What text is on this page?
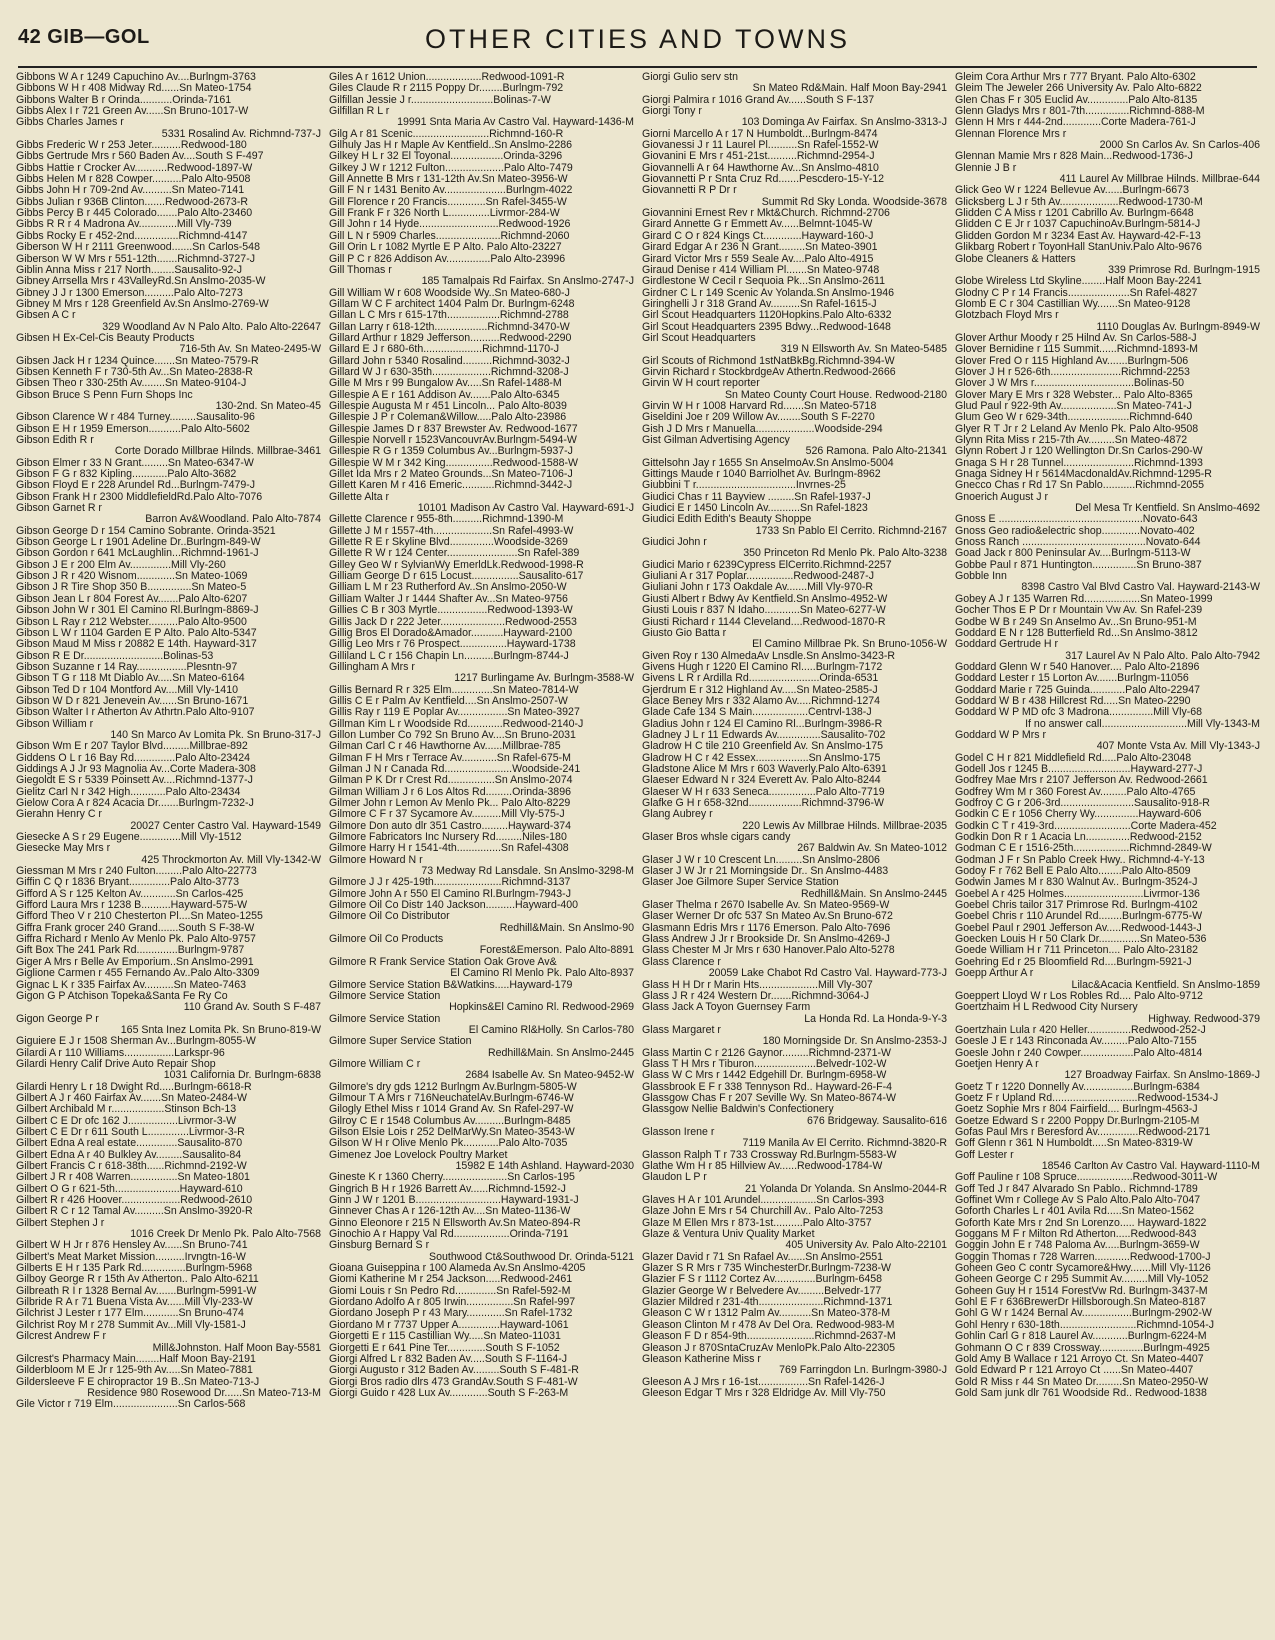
42 GIB—GOL	OTHER CITIES AND TOWNS
Gibbons W A r 1249 Capuchino Av....Burlngm-3763
Gibbons W H r 408 Midway Rd......Sn Mateo-1754
Gibbons Walter B r Orinda...........Orinda-7161
Gibbs Alex I r 721 Green Av......Sn Bruno-1017-W
Gibbs Charles James r
5331 Rosalind Av. Richmnd-737-J
Gibbs Frederic W r 253 Jeter..........Redwood-180
Gibbs Gertrude Mrs r 560 Baden Av....South S F-497
Gibbs Hattie r Crocker Av...........Redwood-1897-W
Gibbs Helen M r 828 Cowper..........Palo Alto-9508
Gibbs John H r 709-2nd Av..........Sn Mateo-7141
Gibbs Julian r 936B Clinton.......Redwood-2673-R
Gibbs Percy B r 445 Colorado.......Palo Alto-23460
Gibbs R R r 4 Madrona Av.............Mill Vly-739
Gibbs Rocky E r 452-2nd...............Richmnd-4147
Giberson W H r 2111 Greenwood.......Sn Carlos-548
Giberson W W Mrs r 551-12th.......Richmnd-3727-J
Giblin Anna Miss r 217 North........Sausalito-92-J
Gibney Arrsella Mrs r 43ValleyRd.Sn Anslmo-2035-W
Gibney J J r 1300 Emerson..........Palo Alto-7273
Gibney M Mrs r 128 Greenfield Av.Sn Anslmo-2769-W
Gibsen A C r
329 Woodland Av N Palo Alto. Palo Alto-22647
Gibsen H Ex-Cel-Cis Beauty Products
716-5th Av. Sn Mateo-2495-W
Gibsen Jack H r 1234 Quince.......Sn Mateo-7579-R
Gibsen Kenneth F r 730-5th Av...Sn Mateo-2838-R
Gibsen Theo r 330-25th Av........Sn Mateo-9104-J
Gibson Bruce S Penn Furn Shops Inc
130-2nd. Sn Mateo-45
Gibson Clarence W r 484 Turney.........Sausalito-96
Gibson E H r 1959 Emerson...........Palo Alto-5602
Gibson Edith R r
Corte Dorado Millbrae Hilnds. Millbrae-3461
Gibson Elmer r 33 N Grant.........Sn Mateo-6347-W
Gibson F G r 832 Kipling............Palo Alto-3682
Gibson Floyd E r 228 Arundel Rd...Burlngm-7479-J
Gibson Frank H r 2300 MiddlefieldRd.Palo Alto-7076
Gibson Garnet R r
Barron Av&Woodland. Palo Alto-7874
Gibson George D r 154 Camino Sobrante. Orinda-3521
Gibson George L r 1901 Adeline Dr..Burlngm-849-W
Gibson Gordon r 641 McLaughlin...Richmnd-1961-J
Gibson J E r 200 Elm Av..............Mill Vly-260
Gibson J R r 420 Wisnom.............Sn Mateo-1069
Gibson J R Tire Shop 350 B...............Sn Mateo-5
Gibson Jean L r 804 Forest Av.......Palo Alto-6207
Gibson John W r 301 El Camino Rl.Burlngm-8869-J
Gibson L Ray r 212 Webster..........Palo Alto-9500
Gibson L W r 1104 Garden E P Alto. Palo Alto-5347
Gibson Maud M Miss r 20882 E 14th. Hayward-317
Gibson R E Dr...........................Bolinas-53
Gibson Suzanne r 14 Ray.................Plesntn-97
Gibson T G r 118 Mt Diablo Av.....Sn Mateo-6164
Gibson Ted D r 104 Montford Av....Mill Vly-1410
Gibson W D r 821 Jenevein Av......Sn Bruno-1671
Gibson Walter I r Atherton Av Athrtn.Palo Alto-9107
Gibson William r
140 Sn Marco Av Lomita Pk. Sn Bruno-317-J
Gibson Wm E r 207 Taylor Blvd.........Millbrae-892
Giddens O L r 16 Bay Rd..............Palo Alto-23424
Giddings A J Jr 93 Magnolia Av...Corte Madera-308
Giegoldt E S r 5339 Poinsett Av....Richmnd-1377-J
Gielitz Carl N r 342 High............Palo Alto-23434
Gielow Cora A r 824 Acacia Dr.......Burlngm-7232-J
Gierahn Henry C r
20027 Center Castro Val. Hayward-1549
Giesecke A S r 29 Eugene..............Mill Vly-1512
Giesecke May Mrs r
425 Throckmorton Av. Mill Vly-1342-W
Giessman M Mrs r 240 Fulton.........Palo Alto-22773
Giffin C Q r 1836 Bryant..............Palo Alto-3773
Gifford A S r 125 Kelton Av............Sn Carlos-425
Gifford Laura Mrs r 1238 B..........Hayward-575-W
Gifford Theo V r 210 Chesterton Pl....Sn Mateo-1255
Giffra Frank grocer 240 Grand.......South S F-38-W
Giffra Richard r Menlo Av Menlo Pk. Palo Alto-9757
Gift Box The 241 Park Rd..............Burlngm-9787
Giger A Mrs r Belle Av Emporium..Sn Anslmo-2991
Giglione Carmen r 455 Fernando Av..Palo Alto-3309
Gignac L K r 335 Fairfax Av..........Sn Mateo-7463
Gigon G P Atchison Topeka&Santa Fe Ry Co
110 Grand Av. South S F-487
Gigon George P r
165 Snta Inez Lomita Pk. Sn Bruno-819-W
Giguiere E J r 1508 Sherman Av...Burlngm-8055-W
Gilardi A r 110 Williams.................Larkspr-96
Gilardi Henry Calif Drive Auto Repair Shop
1031 California Dr. Burlngm-6838
Gilardi Henry L r 18 Dwight Rd.....Burlngm-6618-R
Gilbert A J r 460 Fairfax Av.......Sn Mateo-2484-W
Gilbert Archibald M r..................Stinson Bch-13
Gilbert C E Dr ofc 162 J.................Livrmor-3-W
Gilbert C E Dr r 611 South L..............Livrmor-3-R
Gilbert Edna A real estate..............Sausalito-870
Gilbert Edna A r 40 Bulkley Av.........Sausalito-84
Gilbert Francis C r 618-38th......Richmnd-2192-W
Gilbert J R r 408 Warren................Sn Mateo-1801
Gilbert O G r 621-5th......................Hayward-610
Gilbert R r 426 Hoover....................Redwood-2610
Gilbert R C r 12 Tamal Av..........Sn Anslmo-3920-R
Gilbert Stephen J r
1016 Creek Dr Menlo Pk. Palo Alto-7568
Gilbert W H Jr r 876 Hensley Av......Sn Bruno-741
Gilbert's Meat Market Mission..........Irvngtn-16-W
Gilberts E H r 135 Park Rd...............Burlngm-5968
Gilboy George R r 15th Av Atherton.. Palo Alto-6211
Gilbreath R I r 1328 Bernal Av.......Burlngm-5991-W
Gilbride R A r 71 Buena Vista Av......Mill Vly-233-W
Gilchrist J Lester r 177 Elm............Sn Bruno-474
Gilchrist Roy M r 278 Summit Av...Mill Vly-1581-J
Gilcrest Andrew F r
Mill&Johnston. Half Moon Bay-5581
Gilcrest's Pharmacy Main........Half Moon Bay-2191
Gilderbloom M E Jr r 125-9th Av.....Sn Mateo-7881
Gildersleeve F E chiropractor 19 B..Sn Mateo-713-J
Residence 980 Rosewood Dr......Sn Mateo-713-M
Gile Victor r 719 Elm......................Sn Carlos-568
Giles A r 1612 Union...................Redwood-1091-R
Giles Claude R r 2115 Poppy Dr........Burlngm-792
Gilfillan Jessie J r............................Bolinas-7-W
Gilfillan R L r
19991 Snta Maria Av Castro Val. Hayward-1436-M
Gilg A r 81 Scenic..........................Richmnd-160-R
Gilhuly Jas H r Maple Av Kentfield..Sn Anslmo-2286
Gilkey H L r 32 El Toyonal..................Orinda-3296
Gilkey J W r 1212 Fulton....................Palo Alto-7479
Gill Annette B Mrs r 131-12th Av.Sn Mateo-3956-W
Gill F N r 1431 Benito Av.....................Burlngm-4022
Gill Florence r 20 Francis.............Sn Rafel-3455-W
Gill Frank F r 326 North L..............Livrmor-284-W
Gill John r 14 Hyde...........................Redwood-1926
Gill L N r 5909 Charles......................Richmnd-2060
Gill Orin L r 1082 Myrtle E P Alto. Palo Alto-23227
Gill P C r 826 Addison Av...............Palo Alto-23996
Gill Thomas r
185 Tamalpais Rd Fairfax. Sn Anslmo-2747-J
Gill William W r 608 Woodside Wy..Sn Mateo-680-J
Gillam W C F architect 1404 Palm Dr. Burlngm-6248
Gillan L C Mrs r 615-17th..................Richmnd-2788
Gillan Larry r 618-12th..................Richmnd-3470-W
Gillard Arthur r 1829 Jefferson..........Redwood-2290
Gillard E J r 680-6th....................Richmnd-1170-J
Gillard John r 5340 Rosalind..........Richmnd-3032-J
Gillard W J r 630-35th....................Richmnd-3208-J
Gille M Mrs r 99 Bungalow Av.....Sn Rafel-1488-M
Gillespie A E r 161 Addison Av.......Palo Alto-6345
Gillespie Augusta M r 451 Lincoln... Palo Alto-8039
Gillespie J P r Coleman&Willow.....Palo Alto-23986
Gillespie James D r 837 Brewster Av. Redwood-1677
Gillespie Norvell r 1523VancouvrAv.Burlngm-5494-W
Gillespie R G r 1359 Columbus Av...Burlngm-5937-J
Gillespie W M r 342 King................Redwood-1588-W
Gillet Ida Mrs r 2 Mateo Grounds...Sn Mateo-7106-J
Gillett Karen M r 416 Emeric...........Richmnd-3442-J
Gillette Alta r
10101 Madison Av Castro Val. Hayward-691-J
Gillette Clarence r 955-8th..........Richmnd-1390-M
Gillette J M r 1557-4th....................Sn Rafel-4993-W
Gillette R E r Skyline Blvd...............Woodside-3269
Gillette R W r 124 Center........................Sn Rafel-389
Gilley Geo W r SylvianWy EmerldLk.Redwood-1998-R
Gilliam George D r 615 Locust................Sausalito-617
Gilliam L M r 23 Rutherford Av..Sn Anslmo-2050-W
Gilliam Walter J r 1444 Shafter Av...Sn Mateo-9756
Gillies C B r 303 Myrtle.................Redwood-1393-W
Gillis Jack D r 222 Jeter......................Redwood-2553
Gillig Bros El Dorado&Amador...........Hayward-2100
Gillig Leo Mrs r 76 Prospect................Hayward-1738
Gilliland L C r 156 Chapin Ln..........Burlngm-8744-J
Gillingham A Mrs r
1217 Burlingame Av. Burlngm-3588-W
Gillis Bernard R r 325 Elm..............Sn Mateo-7814-W
Gillis C E r Palm Av Kentfield....Sn Anslmo-2507-W
Gillis Ray r 119 E Poplar Av.................Sn Mateo-3927
Gillman Kim L r Woodside Rd............Redwood-2140-J
Gillon Lumber Co 792 Sn Bruno Av....Sn Bruno-2031
Gilman Carl C r 46 Hawthorne Av......Millbrae-785
Gilman F H Mrs r Terrace Av............Sn Rafel-675-M
Gilman J N r Canada Rd.......................Woodside-241
Gilman P K Dr r Crest Rd................Sn Anslmo-2074
Gilman William J r 6 Los Altos Rd.........Orinda-3896
Gilmer John r Lemon Av Menlo Pk... Palo Alto-8229
Gilmore C F r 37 Sycamore Av..........Mill Vly-575-J
Gilmore Don auto dlr 351 Castro.........Hayward-374
Gilmore Fabricators Inc Nursery Rd.........Niles-180
Gilmore Harry H r 1541-4th...............Sn Rafel-4308
Gilmore Howard N r
73 Medway Rd Lansdale. Sn Anslmo-3298-M
Gilmore J J r 425-19th.......................Richmnd-3137
Gilmore John A r 550 El Camino Rl.Burlngm-7943-J
Gilmore Oil Co Distr 140 Jackson..........Hayward-400
Gilmore Oil Co Distributor
Redhill&Main. Sn Anslmo-90
Gilmore Oil Co Products
Forest&Emerson. Palo Alto-8891
Gilmore R Frank Service Station Oak Grove Av&
El Camino Rl Menlo Pk. Palo Alto-8937
Gilmore Service Station B&Watkins.....Hayward-179
Gilmore Service Station
Hopkins&El Camino Rl. Redwood-2969
Gilmore Service Station
El Camino Rl&Holly. Sn Carlos-780
Gilmore Super Service Station
Redhill&Main. Sn Anslmo-2445
Gilmore William C r
2684 Isabelle Av. Sn Mateo-9452-W
Gilmore's dry gds 1212 Burlngm Av.Burlngm-5805-W
Gilmour T A Mrs r 716NeuchatelAv.Burlngm-6746-W
Gilogly Ethel Miss r 1014 Grand Av. Sn Rafel-297-W
Gilroy C E r 1548 Columbus Av..........Burlngm-8485
Gilson Elsie Lois r 252 DelMarWy.Sn Mateo-3543-W
Gilson W H r Olive Menlo Pk............Palo Alto-7035
Gimenez Joe Lovelock Poultry Market
15982 E 14th Ashland. Hayward-2030
Gineste K r 1360 Cherry......................Sn Carlos-195
Gingrich B H r 1926 Barrett Av......Richmnd-1592-J
Ginn J W r 1201 B.............................Hayward-1931-J
Ginnever Chas A r 126-12th Av....Sn Mateo-1136-W
Ginno Eleonore r 215 N Ellsworth Av.Sn Mateo-894-R
Ginochio A r Happy Val Rd...................Orinda-7191
Ginsburg Bernard S r
Southwood Ct&Southwood Dr. Orinda-5121
Gioana Guiseppina r 100 Alameda Av.Sn Anslmo-4205
Giomi Katherine M r 254 Jackson.....Redwood-2461
Giomi Louis r Sn Pedro Rd..............Sn Rafel-592-M
Giordano Adolfo A r 805 Irwin................Sn Rafel-997
Giordano Joseph P r 43 Mary.............Sn Rafel-1732
Giordano M r 7737 Upper A..............Hayward-1061
Giorgetti E r 115 Castillian Wy.....Sn Mateo-11031
Giorgetti E r 641 Pine Ter.............South S F-1052
Giorgi Alfred L r 832 Baden Av.....South S F-1164-J
Giorgi Augusto r 312 Baden Av.........South S F-481-R
Giorgi Bros radio dlrs 473 GrandAv.South S F-481-W
Giorgi Guido r 428 Lux Av.............South S F-263-M
Giorgi Gulio serv stn
Sn Mateo Rd&Main. Half Moon Bay-2941
Giorgi Palmira r 1016 Grand Av......South S F-137
Giorgi Tony r
103 Dominga Av Fairfax. Sn Anslmo-3313-J
Giorni Marcello A r 17 N Humboldt...Burlngm-8474
Giovanessi J r 11 Laurel Pl..........Sn Rafel-1552-W
Giovanini E Mrs r 451-21st..........Richmnd-2954-J
Giovannelli A r 64 Hawthorne Av...Sn Anslmo-4810
Giovannetti P r Snta Cruz Rd.......Pescdero-15-Y-12
Giovannetti R P Dr r
Summit Rd Sky Londa. Woodside-3678
Giovannini Ernest Rev r Mkt&Church. Richmnd-2706
Girard Annette G r Emmett Av......Belmnt-1045-W
Girard C O r 824 Kings Ct.............Hayward-160-J
Girard Edgar A r 236 N Grant.........Sn Mateo-3901
Girard Victor Mrs r 559 Seale Av....Palo Alto-4915
Giraud Denise r 414 William Pl.......Sn Mateo-9748
Girdlestone W Cecil r Sequoia Pk...Sn Anslmo-2611
Girdner C L r 149 Scenic Av Yolanda.Sn Anslmo-1946
Giringhelli J r 318 Grand Av..........Sn Rafel-1615-J
Girl Scout Headquarters 1120Hopkins.Palo Alto-6332
Girl Scout Headquarters 2395 Bdwy...Redwood-1648
Girl Scout Headquarters
319 N Ellsworth Av. Sn Mateo-5485
Girl Scouts of Richmond 1stNatBkBg.Richmnd-394-W
Girvin Richard r StockbrdgeAv Athertn.Redwood-2666
Girvin W H court reporter
Sn Mateo County Court House. Redwood-2180
Girvin W H r 1008 Harvard Rd.......Sn Mateo-5718
Giseldini Joe r 209 Willow Av........South S F-2270
Gish J D Mrs r Manuella....................Woodside-294
Gist Gilman Advertising Agency
526 Ramona. Palo Alto-21341
Gittelsohn Jay r 1655 Sn AnselmoAv.Sn Anslmo-5004
Gittings Maude r 1040 Barriolhet Av. Burlngm-8962
Giubbini T r..................................Invrnes-25
Giudici Chas r 11 Bayview .........Sn Rafel-1937-J
Giudici E r 1450 Lincoln Av...........Sn Rafel-1823
Giudici Edith Edith's Beauty Shoppe
1733 Sn Pablo El Cerrito. Richmnd-2167
Giudici John r
350 Princeton Rd Menlo Pk. Palo Alto-3238
Giudici Mario r 6239Cypress ElCerrito.Richmnd-2257
Giuliani A r 317 Poplar................Redwood-2487-J
Giuliani John r 173 Oakdale Av.......Mill Vly-970-R
Giusti Albert r Bdwy Av Kentfield.Sn Anslmo-4952-W
Giusti Louis r 837 N Idaho............Sn Mateo-6277-W
Giusti Richard r 1144 Cleveland....Redwood-1870-R
Giusto Gio Batta r
El Camino Millbrae Pk. Sn Bruno-1056-W
Given Roy r 130 AlmedaAv Lnsdle.Sn Anslmo-3423-R
Givens Hugh r 1220 El Camino Rl.....Burlngm-7172
Givens L R r Ardilla Rd........................Orinda-6531
Gjerdrum E r 312 Highland Av.....Sn Mateo-2585-J
Glace Beney Mrs r 332 Alamo Av.....Richmnd-1274
Glade Cafe 134 S Main...................Centrvl-138-J
Gladius John r 124 El Camino Rl...Burlngm-3986-R
Gladney J L r 11 Edwards Av...............Sausalito-702
Gladrow H C tile 210 Greenfield Av. Sn Anslmo-175
Gladrow H C r 42 Essex..................Sn Anslmo-175
Gladstone Alice M Mrs r 603 Waverly.Palo Alto-6391
Glaeser Edward N r 324 Everett Av. Palo Alto-8244
Glaeser W H r 633 Seneca................Palo Alto-7719
Glafke G H r 658-32nd..................Richmnd-3796-W
Glang Aubrey r
220 Lewis Av Millbrae Hilnds. Millbrae-2035
Glaser Bros whsle cigars candy
267 Baldwin Av. Sn Mateo-1012
Glaser J W r 10 Crescent Ln.........Sn Anslmo-2806
Glaser J W Jr r 21 Morningside Dr.. Sn Anslmo-4483
Glaser Joe Gilmore Super Service Station
Redhill&Main. Sn Anslmo-2445
Glaser Thelma r 2670 Isabelle Av. Sn Mateo-9569-W
Glaser Werner Dr ofc 537 Sn Mateo Av.Sn Bruno-672
Glasmann Edris Mrs r 1176 Emerson. Palo Alto-7696
Glass Andrew J Jr r Brookside Dr. Sn Anslmo-4269-J
Glass Chester M Jr Mrs r 630 Hanover.Palo Alto-5278
Glass Clarence r
20059 Lake Chabot Rd Castro Val. Hayward-773-J
Glass H H Dr r Marin Hts....................Mill Vly-307
Glass J R r 424 Western Dr.......Richmnd-3064-J
Glass Jack A Toyon Guernsey Farm
La Honda Rd. La Honda-9-Y-3
Glass Margaret r
180 Morningside Dr. Sn Anslmo-2353-J
Glass Martin C r 2126 Gaynor.........Richmnd-2371-W
Glass T H Mrs r Tiburon.....................Belvedr-102-W
Glass W C Mrs r 1442 Edgehill Dr. Burlngm-6958-W
Glassbrook E F r 338 Tennyson Rd.. Hayward-26-F-4
Glassgow Chas F r 207 Seville Wy. Sn Mateo-8674-W
Glassgow Nellie Baldwin's Confectionery
676 Bridgeway. Sausalito-616
Glasson Irene r
7119 Manila Av El Cerrito. Richmnd-3820-R
Glasson Ralph T r 733 Crossway Rd.Burlngm-5583-W
Glathe Wm H r 85 Hillview Av......Redwood-1784-W
Glaudon L P r
21 Yolanda Dr Yolanda. Sn Anslmo-2044-R
Glaves H A r 101 Arundel...................Sn Carlos-393
Glaze John E Mrs r 54 Churchill Av.. Palo Alto-7253
Glaze M Ellen Mrs r 873-1st..........Palo Alto-3757
Glaze & Ventura Univ Quality Market
405 University Av. Palo Alto-22101
Glazer David r 71 Sn Rafael Av......Sn Anslmo-2551
Glazer S R Mrs r 735 WinchesterDr.Burlngm-7238-W
Glazier F S r 1112 Cortez Av..............Burlngm-6458
Glazier George W r Belvedere Av.........Belvedr-177
Glazier Mildred r 231-4th......................Richmnd-1371
Gleason C W r 1312 Palm Av...........Sn Mateo-378-M
Gleason Clinton M r 478 Av Del Ora. Redwood-983-M
Gleason F D r 854-9th.......................Richmnd-2637-M
Gleason J r 870SntaCruzAv MenloPk.Palo Alto-22305
Gleason Katherine Miss r
769 Farringdon Ln. Burlngm-3980-J
Gleeson A J Mrs r 16-1st.................Sn Rafel-1426-J
Gleeson Edgar T Mrs r 328 Eldridge Av. Mill Vly-750
Gleim Cora Arthur Mrs r 777 Bryant. Palo Alto-6302
Gleim The Jeweler 266 University Av. Palo Alto-6822
Glen Chas F r 305 Euclid Av..............Palo Alto-8135
Glenn Gladys Mrs r 801-7th...............Richmnd-888-M
Glenn H Mrs r 444-2nd.............Corte Madera-761-J
Glennan Florence Mrs r
2000 Sn Carlos Av. Sn Carlos-406
Glennan Mamie Mrs r 828 Main...Redwood-1736-J
Glennie J B r
411 Laurel Av Millbrae Hilnds. Millbrae-644
Glick Geo W r 1224 Bellevue Av......Burlngm-6673
Glicksberg L J r 5th Av....................Redwood-1730-M
Glidden C A Miss r 1201 Cabrillo Av. Burlngm-6648
Glidden C E Jr r 1037 CapuchinoAv.Burlngm-5814-J
Glidden Gordon M r 3234 East Av. Hayward-42-F-13
Glikbarg Robert r ToyonHall StanUniv.Palo Alto-9676
Globe Cleaners & Hatters
339 Primrose Rd. Burlngm-1915
Globe Wireless Ltd Skyline........Half Moon Bay-2241
Glodny C P r 14 Francis.....................Sn Rafel-4827
Glomb E C r 304 Castillian Wy.......Sn Mateo-9128
Glotzbach Floyd Mrs r
1110 Douglas Av. Burlngm-8949-W
Glover Arthur Moody r 25 Hilnd Av. Sn Carlos-588-J
Glover Bernidine r 115 Summit......Richmnd-1893-M
Glover Fred O r 115 Highland Av.......Burlngm-506
Glover J H r 526-6th........................Richmnd-2253
Glover J W Mrs r..................................Bolinas-50
Glover Mary E Mrs r 328 Webster... Palo Alto-8365
Glud Paul r 922-9th Av...................Sn Mateo-741-J
Glum Geo W r 629-34th.....................Richmnd-640
Glyer R T Jr r 2 Leland Av Menlo Pk. Palo Alto-9508
Glynn Rita Miss r 215-7th Av.........Sn Mateo-4872
Glynn Robert J r 120 Wellington Dr.Sn Carlos-290-W
Gnaga S H r 28 Tunnel........................Richmnd-1393
Gnaga Sidney H r 5614MacdonaldAv.Richmnd-1295-R
Gnecco Chas r Rd 17 Sn Pablo...........Richmnd-2055
Gnoerich August J r
Del Mesa Tr Kentfield. Sn Anslmo-4692
Gnoss E .................................................Novato-643
Gnoss Geo radio&electric shop.............Novato-402
Gnoss Ranch ..........................................Novato-644
Goad Jack r 800 Peninsular Av....Burlngm-5113-W
Gobbe Paul r 871 Huntington...............Sn Bruno-387
Gobble Inn
8398 Castro Val Blvd Castro Val. Hayward-2143-W
Gobey A J r 135 Warren Rd...................Sn Mateo-1999
Gocher Thos E P Dr r Mountain Vw Av. Sn Rafel-239
Godbe W B r 249 Sn Anselmo Av...Sn Bruno-951-M
Goddard E N r 128 Butterfield Rd...Sn Anslmo-3812
Goddard Gertrude H r
317 Laurel Av N Palo Alto. Palo Alto-7942
Goddard Glenn W r 540 Hanover.... Palo Alto-21896
Goddard Lester r 15 Lorton Av.......Burlngm-11056
Goddard Marie r 725 Guinda............Palo Alto-22947
Goddard W B r 438 Hillcrest Rd.....Sn Mateo-2290
Goddard W P MD ofc 3 Madrona...............Mill Vly-68
If no answer call.............................Mill Vly-1343-M
Goddard W P Mrs r
407 Monte Vsta Av. Mill Vly-1343-J
Godel C H r 821 Middlefield Rd.....Palo Alto-23048
Godell Jos r 1245 B............................Hayward-277-J
Godfrey Mae Mrs r 2107 Jefferson Av. Redwood-2661
Godfrey Wm M r 360 Forest Av.........Palo Alto-4765
Godfroy C G r 206-3rd.........................Sausalito-918-R
Godkin C E r 1056 Cherry Wy...............Hayward-606
Godkin C T r 419-3rd..........................Corte Madera-452
Godkin Don R r 1 Acacia Ln...............Redwood-2152
Godman C E r 1516-25th...................Richmnd-2849-W
Godman J F r Sn Pablo Creek Hwy.. Richmnd-4-Y-13
Godoy F r 762 Bell E Palo Alto........Palo Alto-8509
Godwin James M r 830 Walnut Av.. Burlngm-3524-J
Goebel A r 425 Holmes...........................Livrmor-136
Goebel Chris tailor 317 Primrose Rd. Burlngm-4102
Goebel Chris r 110 Arundel Rd........Burlngm-6775-W
Goebel Paul r 2901 Jefferson Av.....Redwood-1443-J
Goecken Louis H r 50 Clark Dr..............Sn Mateo-536
Goede William H r 711 Princeton.... Palo Alto-23182
Goehring Ed r 25 Bloomfield Rd....Burlngm-5921-J
Goepp Arthur A r
Lilac&Acacia Kentfield. Sn Anslmo-1859
Goeppert Lloyd W r Los Robles Rd.... Palo Alto-9712
Goertzhaim H L Redwood City Nursery
Highway. Redwood-379
Goertzhain Lula r 420 Heller...............Redwood-252-J
Goesle J E r 143 Rinconada Av.........Palo Alto-7155
Goesle John r 240 Cowper..................Palo Alto-4814
Goetjen Henry A r
127 Broadway Fairfax. Sn Anslmo-1869-J
Goetz T r 1220 Donnelly Av.................Burlngm-6384
Goetz F r Upland Rd.............................Redwood-1534-J
Goetz Sophie Mrs r 804 Fairfield.... Burlngm-4563-J
Goetze Edward S r 2200 Poppy Dr.Burlngm-2105-M
Gofas Paul Mrs r Beresford Av..............Redwood-2171
Goff Glenn r 361 N Humboldt.....Sn Mateo-8319-W
Goff Lester r
18546 Carlton Av Castro Val. Hayward-1110-M
Goff Pauline r 108 Spruce...................Redwood-3011-W
Goff Ted J r 847 Alvarado Sn Pablo.. Richmnd-1789
Goffinet Wm r College Av S Palo Alto.Palo Alto-7047
Goforth Charles L r 401 Avila Rd.....Sn Mateo-1562
Goforth Kate Mrs r 2nd Sn Lorenzo..... Hayward-1822
Goggans M F r Milton Rd Atherton.....Redwood-843
Goggin John E r 748 Paloma Av.....Burlngm-3659-W
Goggin Thomas r 728 Warren............Redwood-1700-J
Goheen Geo C contr Sycamore&Hwy.......Mill Vly-1126
Goheen George C r 295 Summit Av.........Mill Vly-1052
Goheen Guy H r 1514 ForestVw Rd. Burlngm-3437-M
Gohl E F r 636BrewerDr Hillsborough.Sn Mateo-8187
Gohl G W r 1424 Bernal Av.................Burlngm-2902-W
Gohl Henry r 630-18th..........................Richmnd-1054-J
Gohlin Carl G r 818 Laurel Av............Burlngm-6224-M
Gohmann O C r 839 Crossway...............Burlngm-4925
Gold Amy B Wallace r 121 Arroyo Ct. Sn Mateo-4407
Gold Edward P r 121 Arroyo Ct ......Sn Mateo-4407
Gold R Miss r 44 Sn Mateo Dr.........Sn Mateo-2950-W
Gold Sam junk dlr 761 Woodside Rd.. Redwood-1838
